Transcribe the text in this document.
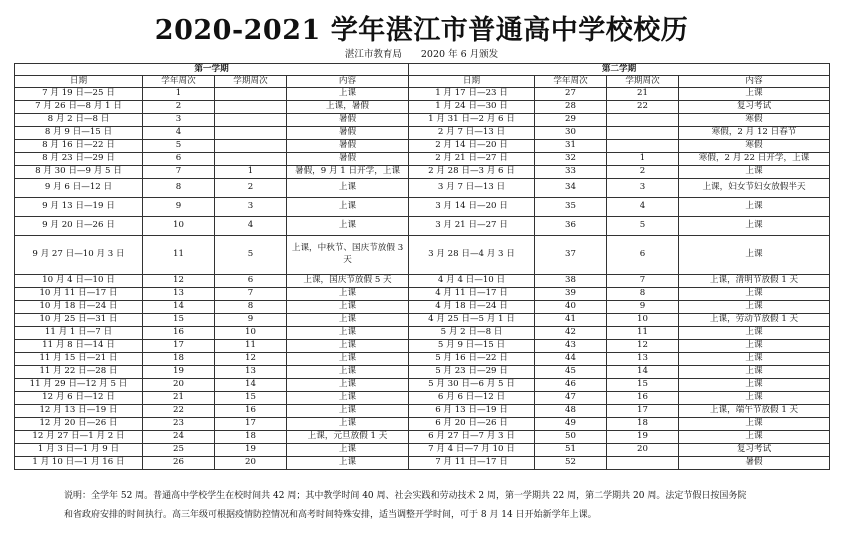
2020-2021 学年湛江市普通高中学校校历
湛江市教育局 2020 年 6 月颁发
第一学期				第二学期			
日期	学年周次	学期周次	内容	日期	学年周次	学期周次	内容
7 月 19 日—25 日	1		上课	1 月 17 日—23 日	27	21	上课
7 月 26 日—8 月 1 日	2		上课，暑假	1 月 24 日—30 日	28	22	复习考试
8 月 2 日—8 日	3		暑假	1 月 31 日—2 月 6 日	29		寒假
8 月 9 日—15 日	4		暑假	2 月 7 日—13 日	30		寒假，2 月 12 日春节
8 月 16 日—22 日	5		暑假	2 月 14 日—20 日	31		寒假
8 月 23 日—29 日	6		暑假	2 月 21 日—27 日	32	1	寒假，2 月 22 日开学，上课
8 月 30 日—9 月 5 日	7	1	暑假，9 月 1 日开学，上课	2 月 28 日—3 月 6 日	33	2	上课
9 月 6 日—12 日	8	2	上课	3 月 7 日—13 日	34	3	上课，妇女节妇女放假半天
9 月 13 日—19 日	9	3	上课	3 月 14 日—20 日	35	4	上课
9 月 20 日—26 日	10	4	上课	3 月 21 日—27 日	36	5	上课
9 月 27 日—10 月 3 日	11	5	上课，中秋节、国庆节放假 3 天	3 月 28 日—4 月 3 日	37	6	上课
10 月 4 日—10 日	12	6	上课，国庆节放假 5 天	4 月 4 日—10 日	38	7	上课，清明节放假 1 天
10 月 11 日—17 日	13	7	上课	4 月 11 日—17 日	39	8	上课
10 月 18 日—24 日	14	8	上课	4 月 18 日—24 日	40	9	上课
10 月 25 日—31 日	15	9	上课	4 月 25 日—5 月 1 日	41	10	上课，劳动节放假 1 天
11 月 1 日—7 日	16	10	上课	5 月 2 日—8 日	42	11	上课
11 月 8 日—14 日	17	11	上课	5 月 9 日—15 日	43	12	上课
11 月 15 日—21 日	18	12	上课	5 月 16 日—22 日	44	13	上课
11 月 22 日—28 日	19	13	上课	5 月 23 日—29 日	45	14	上课
11 月 29 日—12 月 5 日	20	14	上课	5 月 30 日—6 月 5 日	46	15	上课
12 月 6 日—12 日	21	15	上课	6 月 6 日—12 日	47	16	上课
12 月 13 日—19 日	22	16	上课	6 月 13 日—19 日	48	17	上课，端午节放假 1 天
12 月 20 日—26 日	23	17	上课	6 月 20 日—26 日	49	18	上课
12 月 27 日—1 月 2 日	24	18	上课，元旦放假 1 天	6 月 27 日—7 月 3 日	50	19	上课
1 月 3 日—1 月 9 日	25	19	上课	7 月 4 日—7 月 10 日	51	20	复习考试
1 月 10 日—1 月 16 日	26	20	上课	7 月 11 日—17 日	52		暑假
说明：全学年 52 周。普通高中学校学生在校时间共 42 周；其中教学时间 40 周、社会实践和劳动技术 2 周，第一学期共 22 周，第二学期共 20 周。法定节假日按国务院
和省政府安排的时间执行。高三年级可根据疫情防控情况和高考时间特殊安排，适当调整开学时间，可于 8 月 14 日开始新学年上课。
